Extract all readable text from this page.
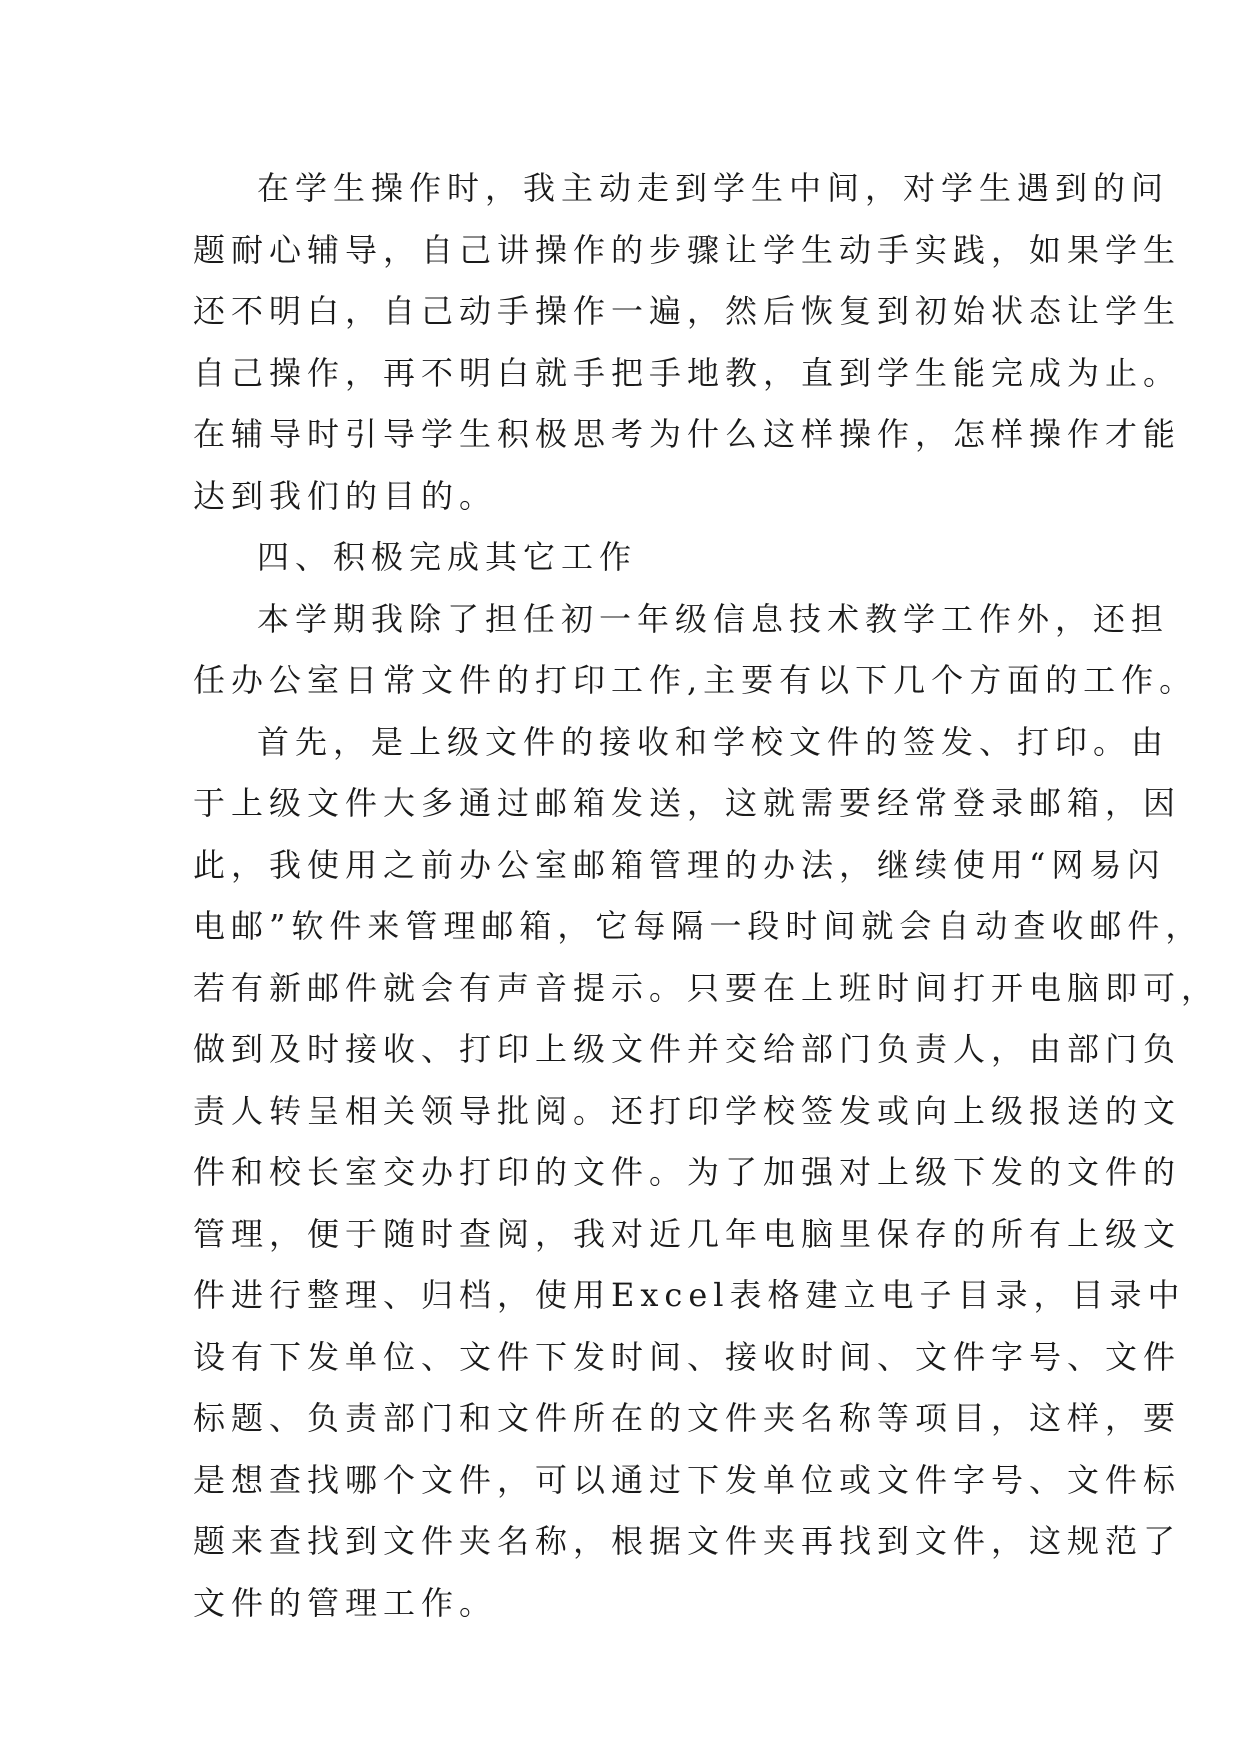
在学生操作时，我主动走到学生中间，对学生遇到的问
题耐心辅导，自己讲操作的步骤让学生动手实践，如果学生
还不明白，自己动手操作一遍，然后恢复到初始状态让学生
自己操作，再不明白就手把手地教，直到学生能完成为止。
在辅导时引导学生积极思考为什么这样操作，怎样操作才能
达到我们的目的。
四、积极完成其它工作
本学期我除了担任初一年级信息技术教学工作外，还担
任办公室日常文件的打印工作,主要有以下几个方面的工作。
首先，是上级文件的接收和学校文件的签发、打印。由
于上级文件大多通过邮箱发送，这就需要经常登录邮箱，因
此，我使用之前办公室邮箱管理的办法，继续使用“网易闪
电邮”软件来管理邮箱，它每隔一段时间就会自动查收邮件，
若有新邮件就会有声音提示。只要在上班时间打开电脑即可，
做到及时接收、打印上级文件并交给部门负责人，由部门负
责人转呈相关领导批阅。还打印学校签发或向上级报送的文
件和校长室交办打印的文件。为了加强对上级下发的文件的
管理，便于随时查阅，我对近几年电脑里保存的所有上级文
件进行整理、归档，使用Excel表格建立电子目录，目录中
设有下发单位、文件下发时间、接收时间、文件字号、文件
标题、负责部门和文件所在的文件夹名称等项目，这样，要
是想查找哪个文件，可以通过下发单位或文件字号、文件标
题来查找到文件夹名称，根据文件夹再找到文件，这规范了
文件的管理工作。
